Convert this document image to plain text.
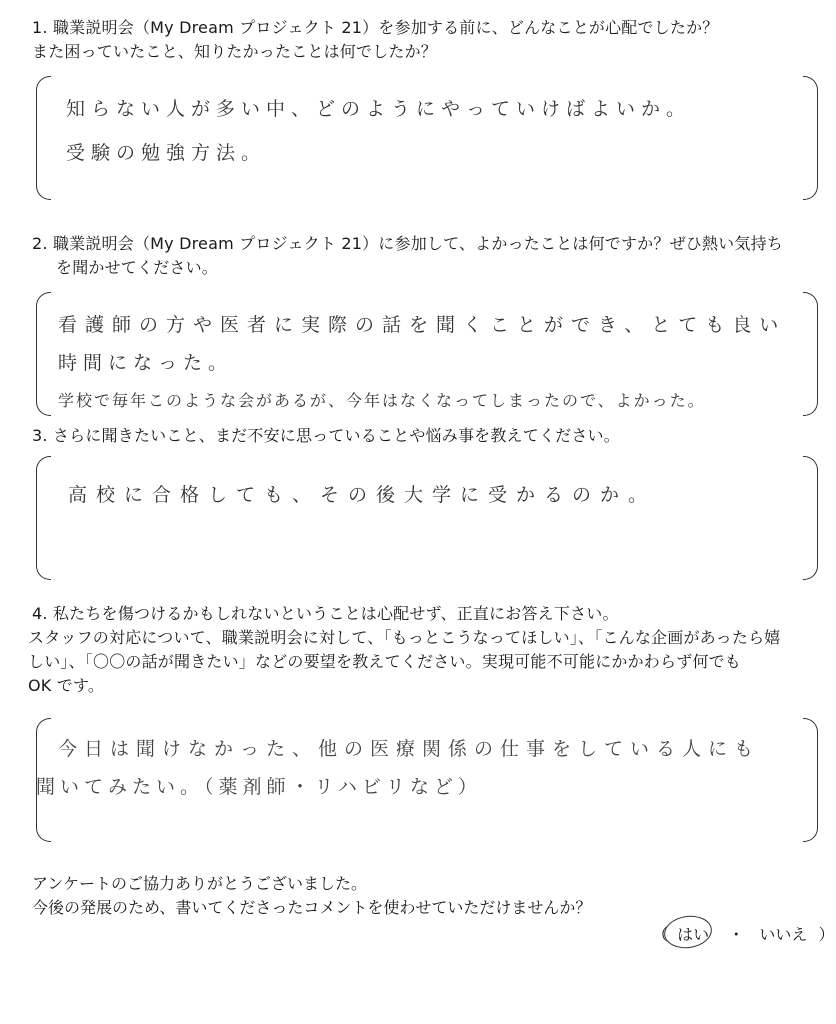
1. 職業説明会（My Dream プロジェクト 21）を参加する前に、どんなことが心配でしたか？
また困っていたこと、知りたかったことは何でしたか？
知らない人が多い中、どのようにやっていけばよいか。
受験の勉強方法。
2. 職業説明会（My Dream プロジェクト 21）に参加して、よかったことは何ですか？ぜひ熱い気持ち
を聞かせてください。
看護師の方や医者に実際の話を聞くことができ、とても良い
時間になった。
学校で毎年このような会があるが、今年はなくなってしまったので、よかった。
3. さらに聞きたいこと、まだ不安に思っていることや悩み事を教えてください。
高校に合格しても、その後大学に受かるのか。
4. 私たちを傷つけるかもしれないということは心配せず、正直にお答え下さい。
スタッフの対応について、職業説明会に対して、「もっとこうなってほしい」、「こんな企画があったら嬉
しい」、「〇〇の話が聞きたい」などの要望を教えてください。実現可能不可能にかかわらず何でも
OK です。
今日は聞けなかった、他の医療関係の仕事をしている人にも
聞いてみたい。（薬剤師・リハビリなど）
アンケートのご協力ありがとうございました。
今後の発展のため、書いてくださったコメントを使わせていただけませんか？
（ はい ・ いいえ ）
